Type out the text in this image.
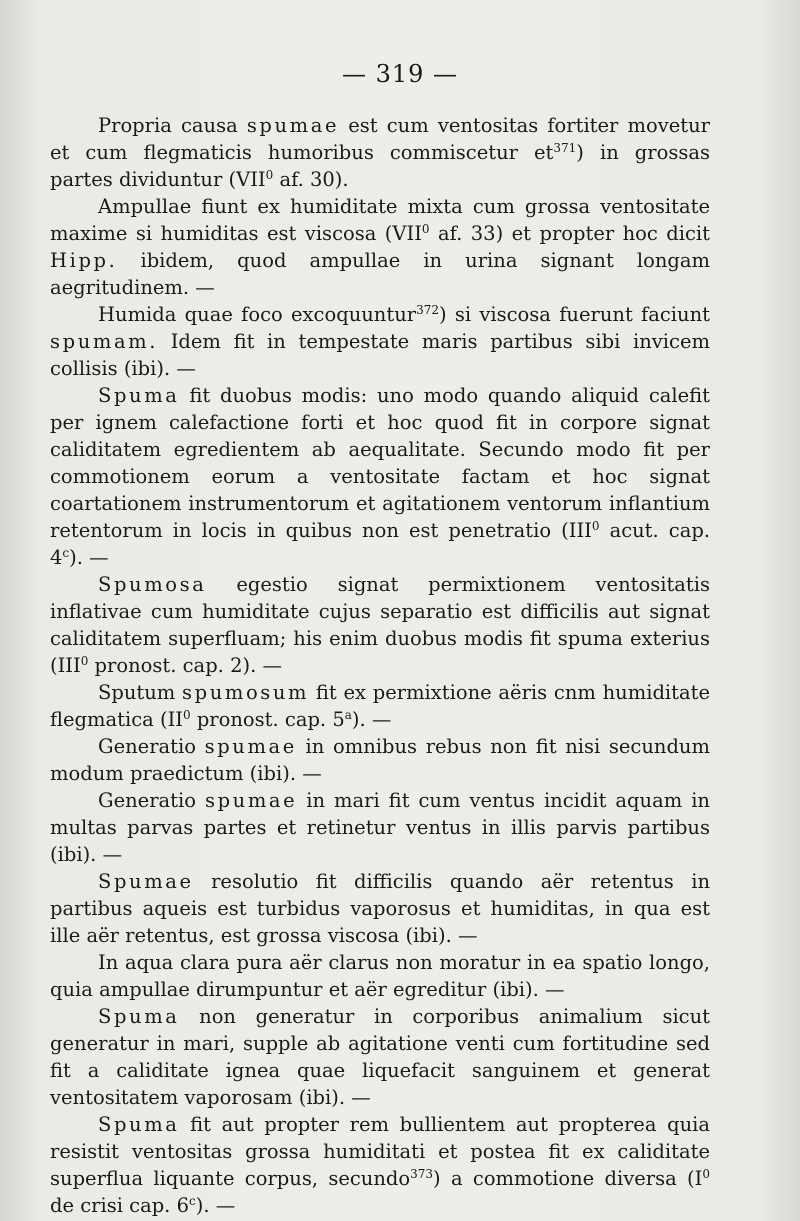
— 319 —

Propria causa spumae est cum ventositas fortiter movetur et cum flegmaticis humoribus commiscetur $et^{371}$) in grossas partes dividuntur (VII$^0$ af. 30).

Ampullae fiunt ex humiditate mixta cum grossa ventositate maxime si humiditas est viscosa (VII$^0$ af. 33) et propter hoc dicit Hipp. ibidem, quod ampullae in urina signant longam aegritudinem. —

Humida quae foco excoquuntur$^{372}$) si viscosa fuerunt faciunt spumam. Idem fit in tempestate maris partibus sibi invicem collisis (ibi). —

Spuma fit duobus modis: uno modo quando aliquid calefit per ignem calefactione forti et hoc quod fit in corpore signat caliditatem egredientem ab aequalitate. Secundo modo fit per commotionem eorum a ventositate factam et hoc signat coartationem instrumentorum et agitationem ventorum inflantium retentorum in locis in quibus non est penetratio (III$^0$ acut. cap. 4$^c$). —

Spumosa egestio signat permixtionem ventositatis inflativae cum humiditate cujus separatio est difficilis aut signat caliditatem superfluam; his enim duobus modis fit spuma exterius (III$^0$ pronost. cap. 2). —

Sputum spumosum fit ex permixtione aëris cnm humiditate flegmatica ($II^0$ pronost. cap. 5$^a$). —

Generatio spumae in omnibus rebus non fit nisi secundum modum praedictum (ibi). —

Generatio spumae in mari fit cum ventus incidit aquam in multas parvas partes et retinetur ventus in illis parvis partibus (ibi). —

Spumae resolutio fit difficilis quando aër retentus in partibus aqueis est turbidus vaporosus et humiditas, in qua est ille aër retentus, est grossa viscosa (ibi). —

In aqua clara pura aër clarus non moratur in ea spatio longo, quia ampullae dirumpuntur et aër egreditur (ibi). —

Spuma non generatur in corporibus animalium sicut generatur in mari, supple ab agitatione venti cum fortitudine sed fit a caliditate ignea quae liquefacit sanguinem et generat ventositatem vaporosam (ibi). —

Spuma fit aut propter rem bullientem aut propterea quia resistit ventositas grossa humiditati et postea fit ex caliditate superflua liquante corpus, secundo$^{373}$) a commotione diversa ($I^0$ de crisi cap. 6$^c$). —
